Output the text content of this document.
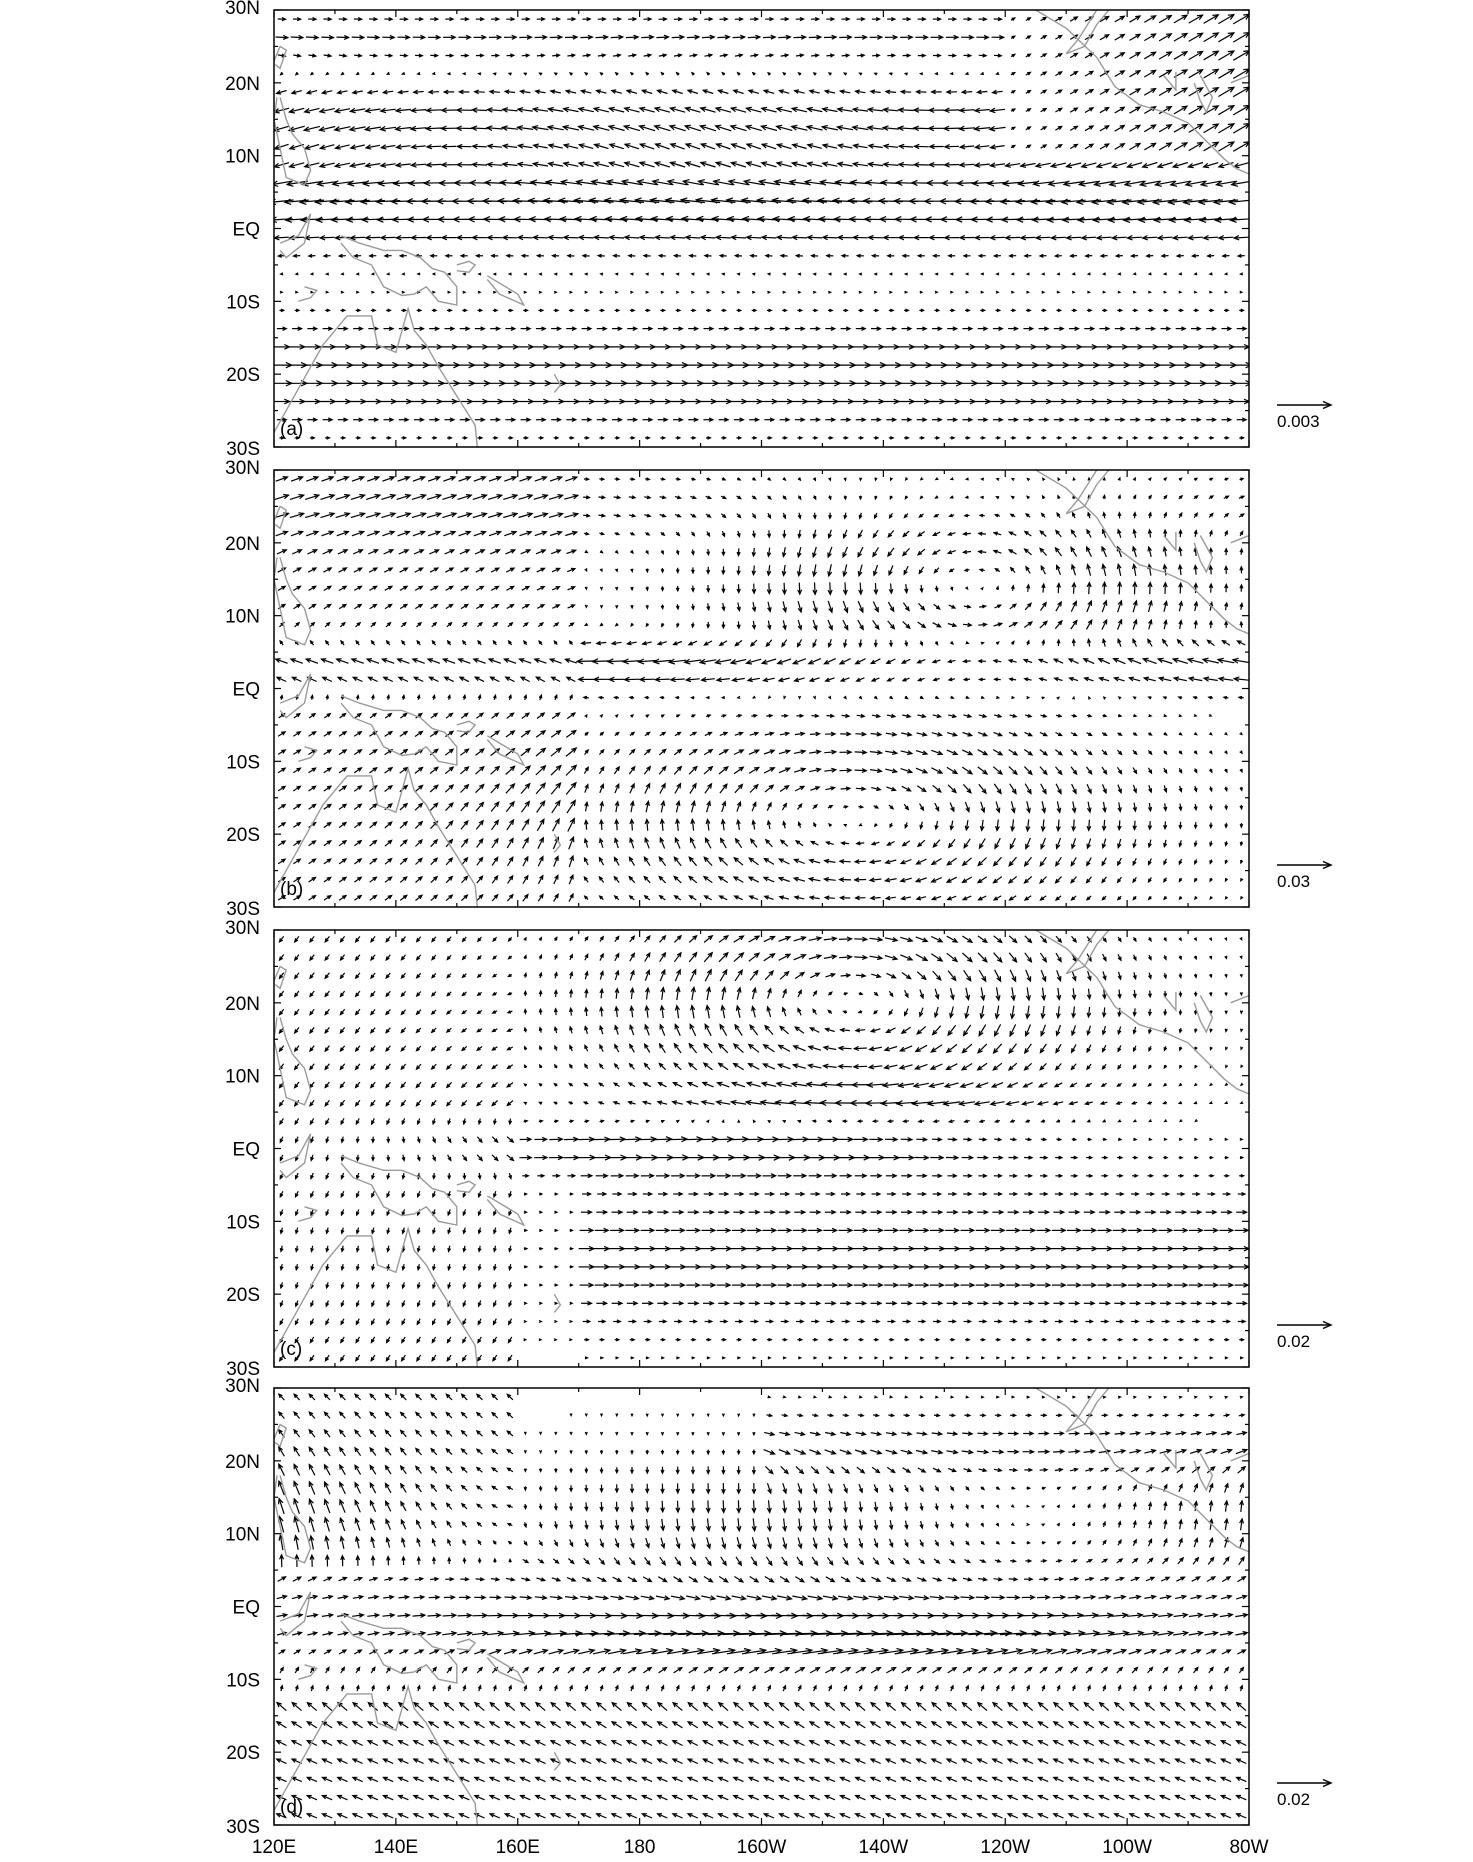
30N
20N
10N
EQ
10S
20S
30S
(a)	0.003
30N
20N
10N
EQ
10S
20S
30S
(b)	0.03
30N
20N
10N
EQ
10S
20S
30S
(c)	0.02
30N
20N
10N
EQ
10S
20S
30S
(d)	0.02
120E	140E	160E	180	160W	140W	120W	100W	80W
